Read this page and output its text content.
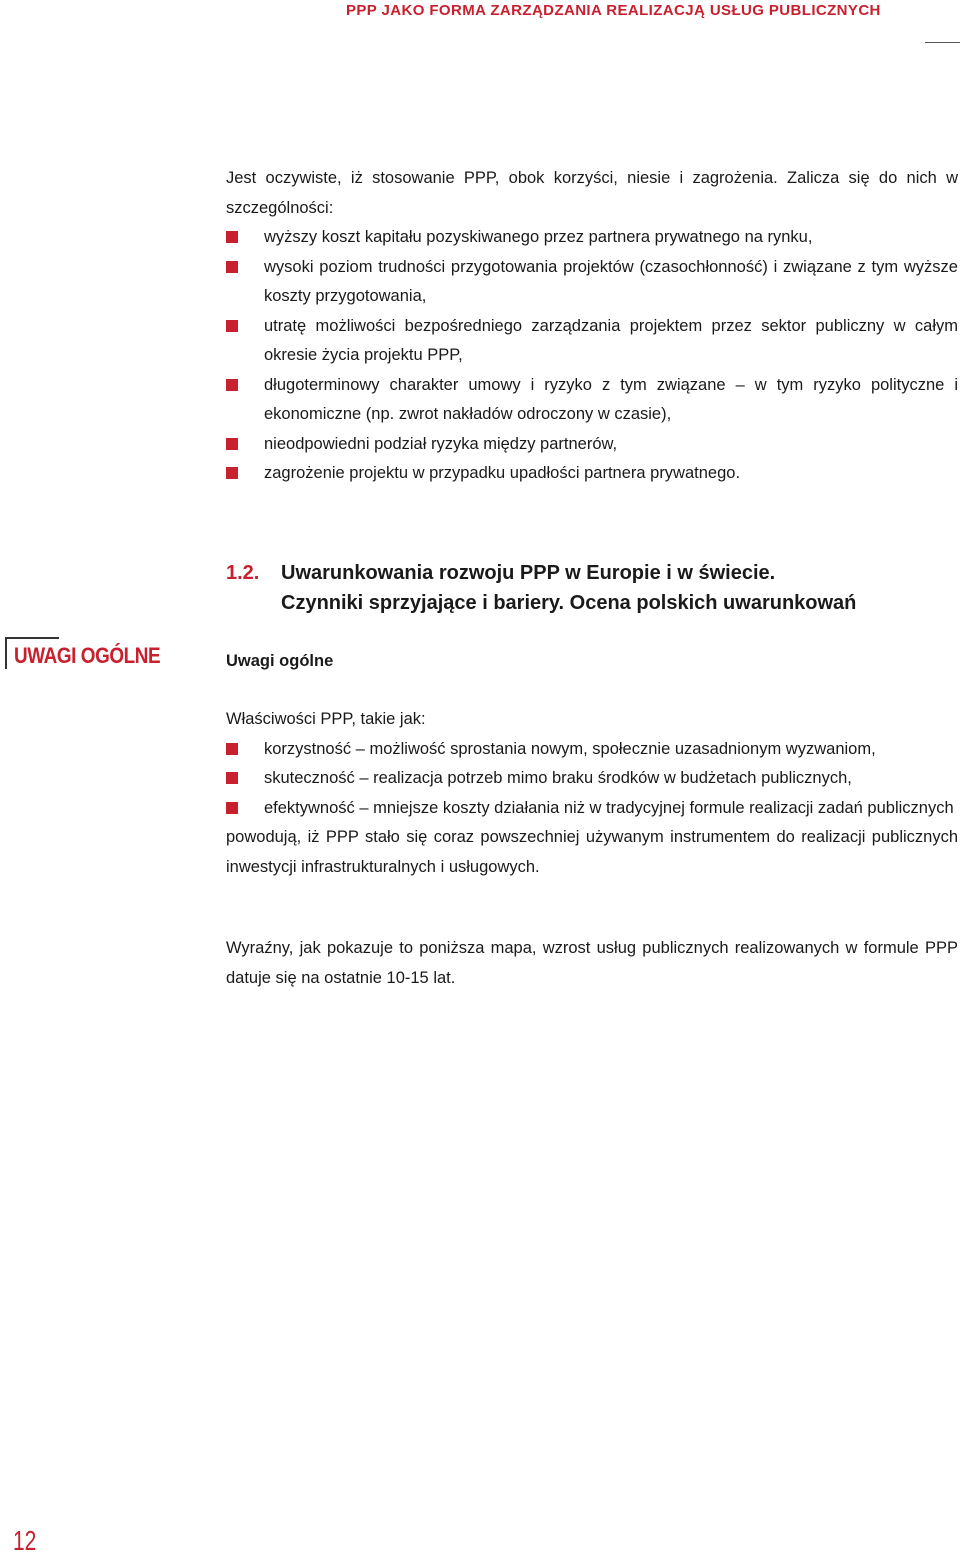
PPP JAKO FORMA ZARZĄDZANIA REALIZACJĄ USŁUG PUBLICZNYCH

Jest oczywiste, iż stosowanie PPP, obok korzyści, niesie i zagrożenia. Zalicza się do nich w szczególności:

wyższy koszt kapitału pozyskiwanego przez partnera prywatnego na rynku,
wysoki poziom trudności przygotowania projektów (czasochłonność) i związane z tym wyższe koszty przygotowania,
utratę możliwości bezpośredniego zarządzania projektem przez sektor publiczny w całym okresie życia projektu PPP,
długoterminowy charakter umowy i ryzyko z tym związane – w tym ryzyko polityczne i ekonomiczne (np. zwrot nakładów odroczony w czasie),
nieodpowiedni podział ryzyka między partnerów,
zagrożenie projektu w przypadku upadłości partnera prywatnego.
1.2. Uwarunkowania rozwoju PPP w Europie i w świecie.
Czynniki sprzyjające i bariery. Ocena polskich uwarunkowań
UWAGI OGÓLNE	Uwagi ogólne

Właściwości PPP, takie jak:

korzystność – możliwość sprostania nowym, społecznie uzasadnionym wyzwaniom,
skuteczność – realizacja potrzeb mimo braku środków w budżetach publicznych,
efektywność – mniejsze koszty działania niż w tradycyjnej formule realizacji zadań publicznych

powodują, iż PPP stało się coraz powszechniej używanym instrumentem do realizacji publicznych inwestycji infrastrukturalnych i usługowych.

Wyraźny, jak pokazuje to poniższa mapa, wzrost usług publicznych realizowanych w formule PPP datuje się na ostatnie 10-15 lat.
12
